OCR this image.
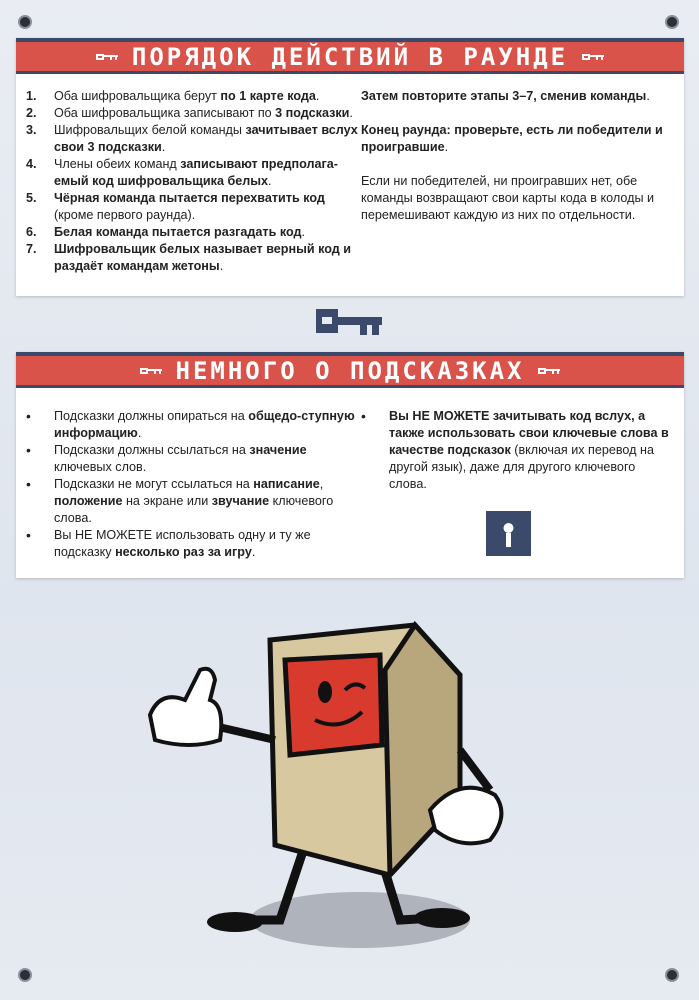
ПОРЯДОК ДЕЙСТВИЙ В РАУНДЕ
1.	Оба шифровальщика берут по 1 карте кода.
2.	Оба шифровальщика записывают по 3 подсказки.
3.	Шифровальщих белой команды зачитывает вслух свои 3 подсказки.
4.	Члены обеих команд записывают предполага-емый код шифровальщика белых.
5.	Чёрная команда пытается перехватить код (кроме первого раунда).
6.	Белая команда пытается разгадать код.
7.	Шифровальщик белых называет верный код и раздаёт командам жетоны.

Затем повторите этапы 3–7, сменив команды.

Конец раунда: проверьте, есть ли победители и проигравшие.

Если ни победителей, ни проигравших нет, обе команды возвращают свои карты кода в колоды и перемешивают каждую из них по отдельности.

НЕМНОГО О ПОДСКАЗКАХ
•	Подсказки должны опираться на общедо-ступную информацию.
•	Подсказки должны ссылаться на значение ключевых слов.
•	Подсказки не могут ссылаться на написание, положение на экране или звучание ключевого слова.
•	Вы НЕ МОЖЕТЕ использовать одну и ту же подсказку несколько раз за игру.
•	Вы НЕ МОЖЕТЕ зачитывать код вслух, а также использовать свои ключевые слова в качестве подсказок (включая их перевод на другой язык), даже для другого ключевого слова.
